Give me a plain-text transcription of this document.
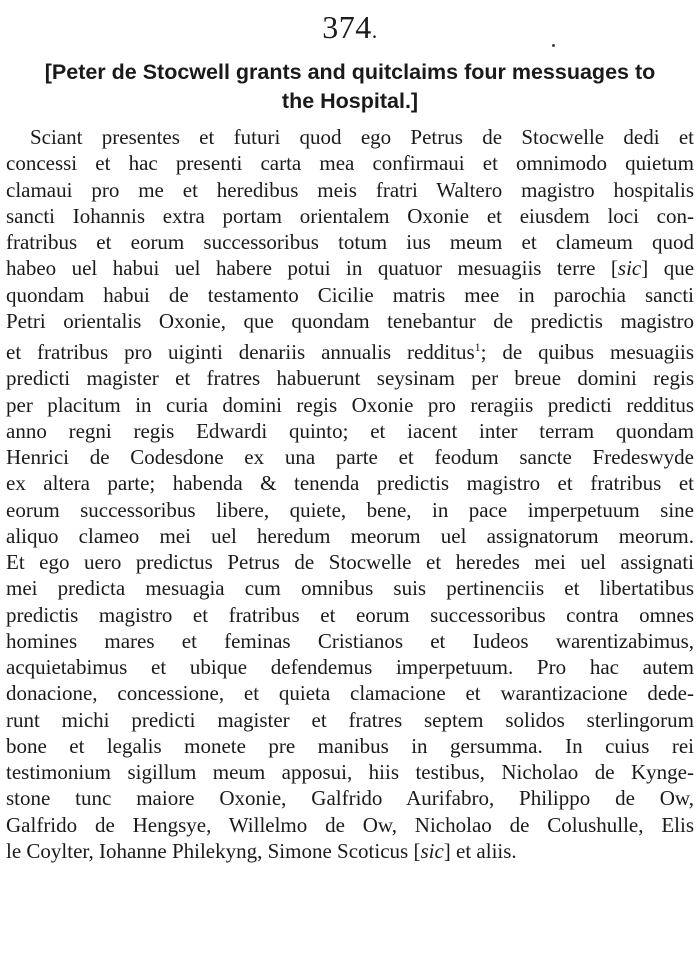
374.
[Peter de Stocwell grants and quitclaims four messuages to
the Hospital.]
Sciant presentes et futuri quod ego Petrus de Stocwelle dedi et
concessi et hac presenti carta mea confirmaui et omnimodo quietum
clamaui pro me et heredibus meis fratri Waltero magistro hospitalis
sancti Iohannis extra portam orientalem Oxonie et eiusdem loci con-
fratribus et eorum successoribus totum ius meum et clameum quod
habeo uel habui uel habere potui in quatuor mesuagiis terre [sic] que
quondam habui de testamento Cicilie matris mee in parochia sancti
Petri orientalis Oxonie, que quondam tenebantur de predictis magistro
et fratribus pro uiginti denariis annualis redditus$^1$; de quibus mesuagiis
predicti magister et fratres habuerunt seysinam per breue domini regis
per placitum in curia domini regis Oxonie pro reragiis predicti redditus
anno regni regis Edwardi quinto; et iacent inter terram quondam
Henrici de Codesdone ex una parte et feodum sancte Fredeswyde
ex altera parte; habenda & tenenda predictis magistro et fratribus et
eorum successoribus libere, quiete, bene, in pace imperpetuum sine
aliquo clameo mei uel heredum meorum uel assignatorum meorum.
Et ego uero predictus Petrus de Stocwelle et heredes mei uel assignati
mei predicta mesuagia cum omnibus suis pertinenciis et libertatibus
predictis magistro et fratribus et eorum successoribus contra omnes
homines mares et feminas Cristianos et Iudeos warentizabimus,
acquietabimus et ubique defendemus imperpetuum. Pro hac autem
donacione, concessione, et quieta clamacione et warantizacione dede-
runt michi predicti magister et fratres septem solidos sterlingorum
bone et legalis monete pre manibus in gersumma. In cuius rei
testimonium sigillum meum apposui, hiis testibus, Nicholao de Kynge-
stone tunc maiore Oxonie, Galfrido Aurifabro, Philippo de Ow,
Galfrido de Hengsye, Willelmo de Ow, Nicholao de Colushulle, Elis
le Coylter, Iohanne Philekyng, Simone Scoticus [sic] et aliis.
